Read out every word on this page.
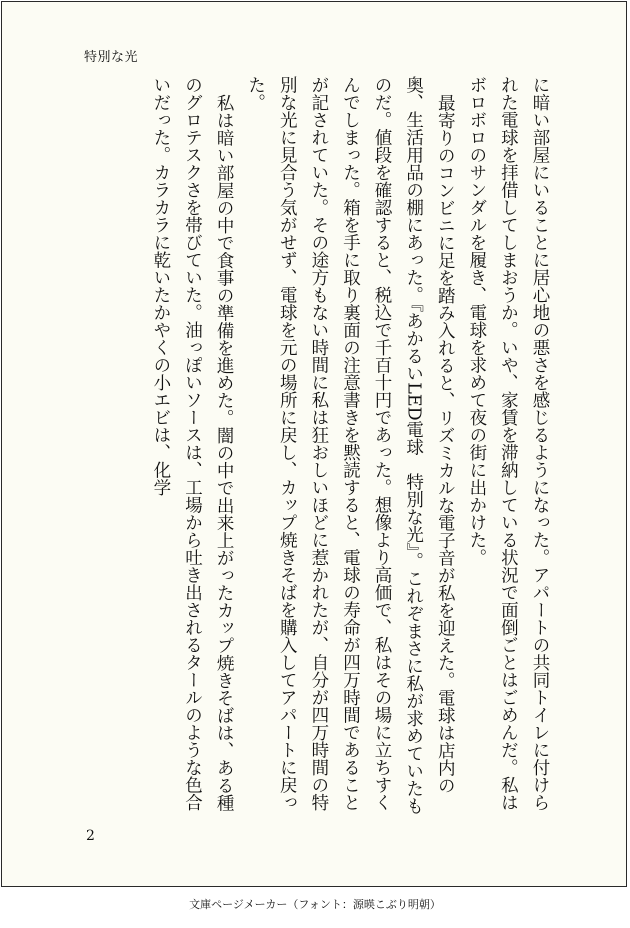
特別な光

に暗い部屋にいることに居心地の悪さを感じるようになった。アパートの共同トイレに付けられた電球を拝借してしまおうか。いや、家賃を滞納している状況で面倒ごとはごめんだ。私はボロボロのサンダルを履き、電球を求めて夜の街に出かけた。

最寄りのコンビニに足を踏み入れると、リズミカルな電子音が私を迎えた。電球は店内の奥、生活用品の棚にあった。『あかるいLED電球　特別な光』。これぞまさに私が求めていたものだ。値段を確認すると、税込で千百十円であった。想像より高価で、私はその場に立ちすくんでしまった。箱を手に取り裏面の注意書きを黙読すると、電球の寿命が四万時間であることが記されていた。その途方もない時間に私は狂おしいほどに惹かれたが、自分が四万時間の特別な光に見合う気がせず、電球を元の場所に戻し、カップ焼きそばを購入してアパートに戻った。

私は暗い部屋の中で食事の準備を進めた。闇の中で出来上がったカップ焼きそばは、ある種のグロテスクさを帯びていた。油っぽいソースは、工場から吐き出されるタールのような色合いだった。カラカラに乾いたかやくの小エビは、化学

2
文庫ページメーカー（フォント：源暎こぶり明朝）
